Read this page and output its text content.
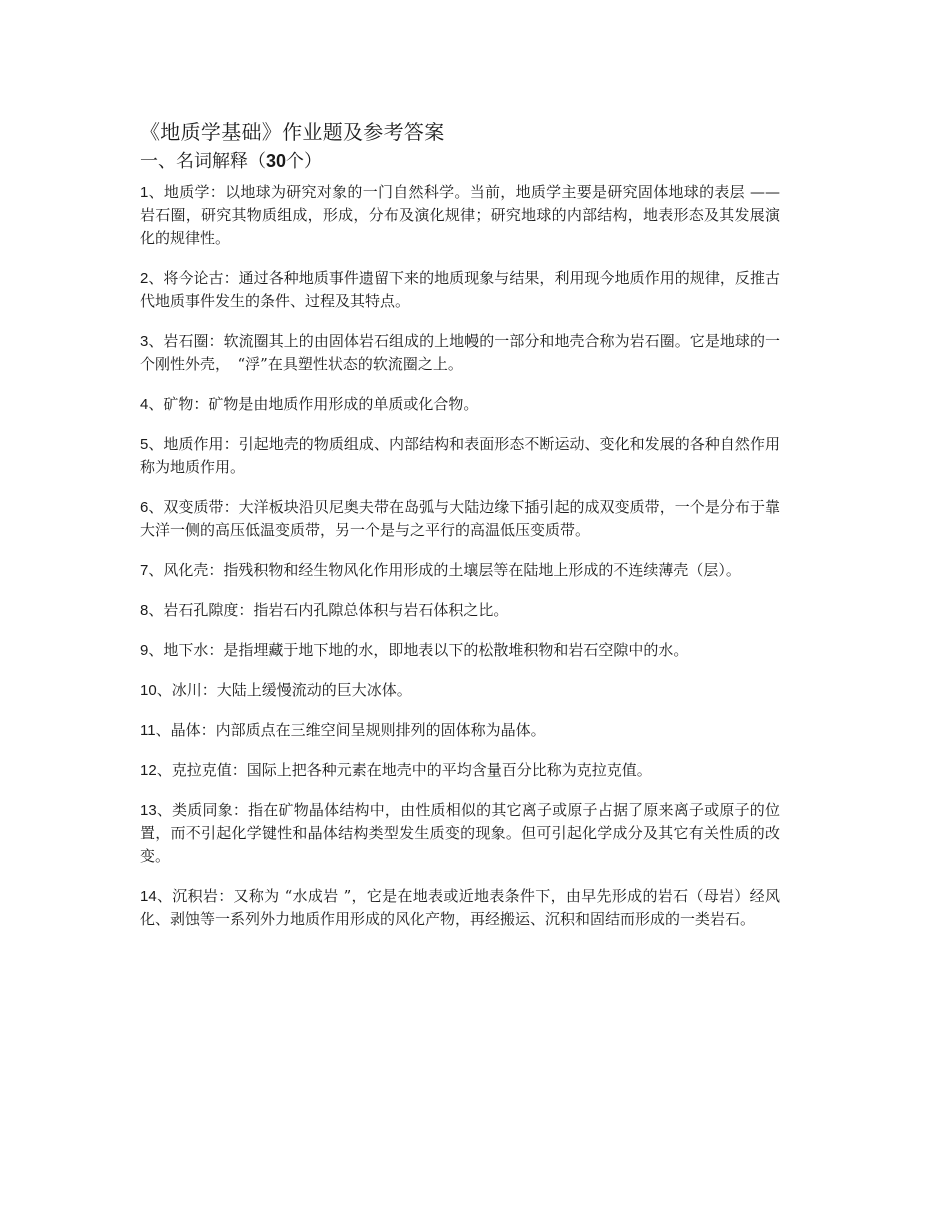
《地质学基础》作业题及参考答案
一、名词解释（30个）

1、地质学：以地球为研究对象的一门自然科学。当前，地质学主要是研究固体地球的表层 ——岩石圈，研究其物质组成，形成，分布及演化规律；研究地球的内部结构，地表形态及其发展演化的规律性。

2、将今论古：通过各种地质事件遗留下来的地质现象与结果，利用现今地质作用的规律，反推古代地质事件发生的条件、过程及其特点。

3、岩石圈：软流圈其上的由固体岩石组成的上地幔的一部分和地壳合称为岩石圈。它是地球的一个刚性外壳，　“浮”在具塑性状态的软流圈之上。

4、矿物：矿物是由地质作用形成的单质或化合物。

5、地质作用：引起地壳的物质组成、内部结构和表面形态不断运动、变化和发展的各种自然作用称为地质作用。

6、双变质带：大洋板块沿贝尼奥夫带在岛弧与大陆边缘下插引起的成双变质带，一个是分布于靠大洋一侧的高压低温变质带，另一个是与之平行的高温低压变质带。

7、风化壳：指残积物和经生物风化作用形成的土壤层等在陆地上形成的不连续薄壳（层）。

8、岩石孔隙度：指岩石内孔隙总体积与岩石体积之比。

9、地下水：是指埋藏于地下地的水，即地表以下的松散堆积物和岩石空隙中的水。

10、冰川：大陆上缓慢流动的巨大冰体。

11、晶体：内部质点在三维空间呈规则排列的固体称为晶体。

12、克拉克值：国际上把各种元素在地壳中的平均含量百分比称为克拉克值。

13、类质同象：指在矿物晶体结构中，由性质相似的其它离子或原子占据了原来离子或原子的位置，而不引起化学键性和晶体结构类型发生质变的现象。但可引起化学成分及其它有关性质的改变。

14、沉积岩：又称为 “水成岩 ”，它是在地表或近地表条件下，由早先形成的岩石（母岩）经风化、剥蚀等一系列外力地质作用形成的风化产物，再经搬运、沉积和固结而形成的一类岩石。
